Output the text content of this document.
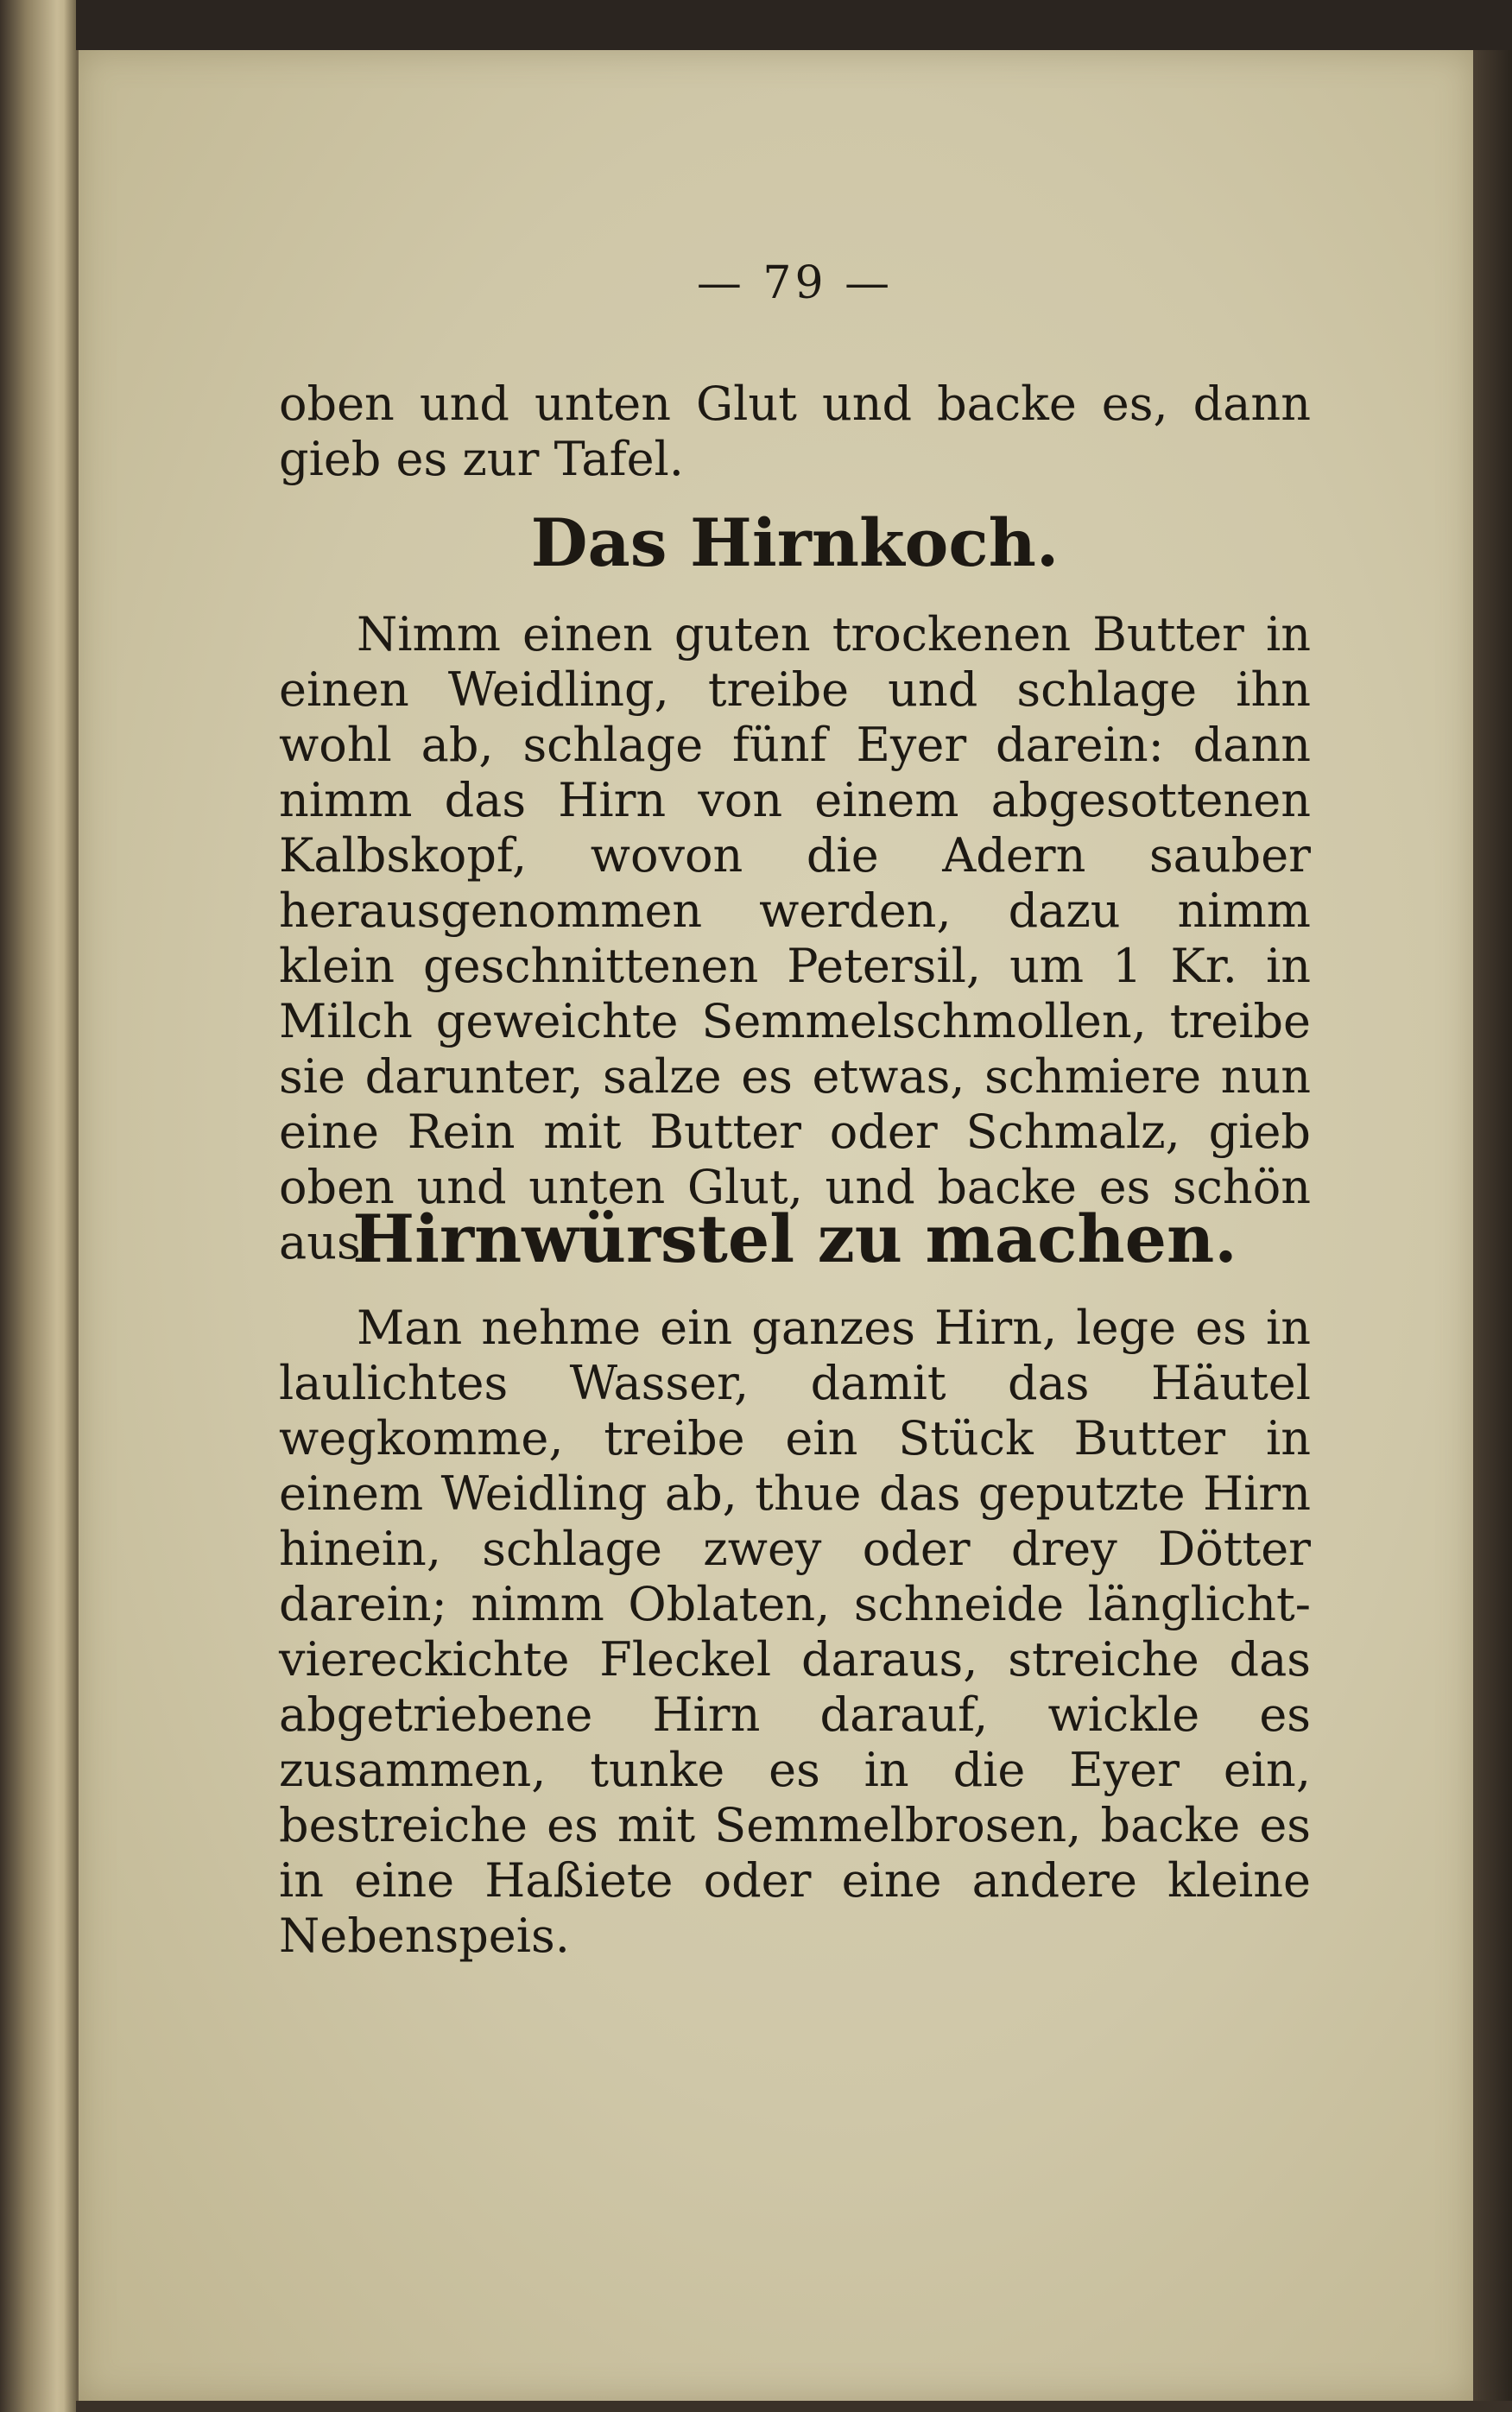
— 79 —
oben und unten Glut und backe es, dann gieb es zur Tafel.
Das Hirnkoch.
Nimm einen guten trockenen Butter in einen Weidling, treibe und schlage ihn wohl ab, schlage fünf Eyer darein: dann nimm das Hirn von einem abgesottenen Kalbskopf, wovon die Adern sauber herausgenommen werden, dazu nimm klein geschnittenen Petersil, um 1 Kr. in Milch geweichte Semmelschmollen, treibe sie darunter, salze es etwas, schmiere nun eine Rein mit Butter oder Schmalz, gieb oben und unten Glut, und backe es schön aus.
Hirnwürstel zu machen.
Man nehme ein ganzes Hirn, lege es in laulichtes Wasser, damit das Häutel wegkomme, treibe ein Stück Butter in einem Weidling ab, thue das geputzte Hirn hinein, schlage zwey oder drey Dötter darein; nimm Oblaten, schneide länglicht-viereckichte Fleckel daraus, streiche das abgetriebene Hirn darauf, wickle es zusammen, tunke es in die Eyer ein, bestreiche es mit Semmelbrosen, backe es in eine Haßiete oder eine andere kleine Nebenspeis.
